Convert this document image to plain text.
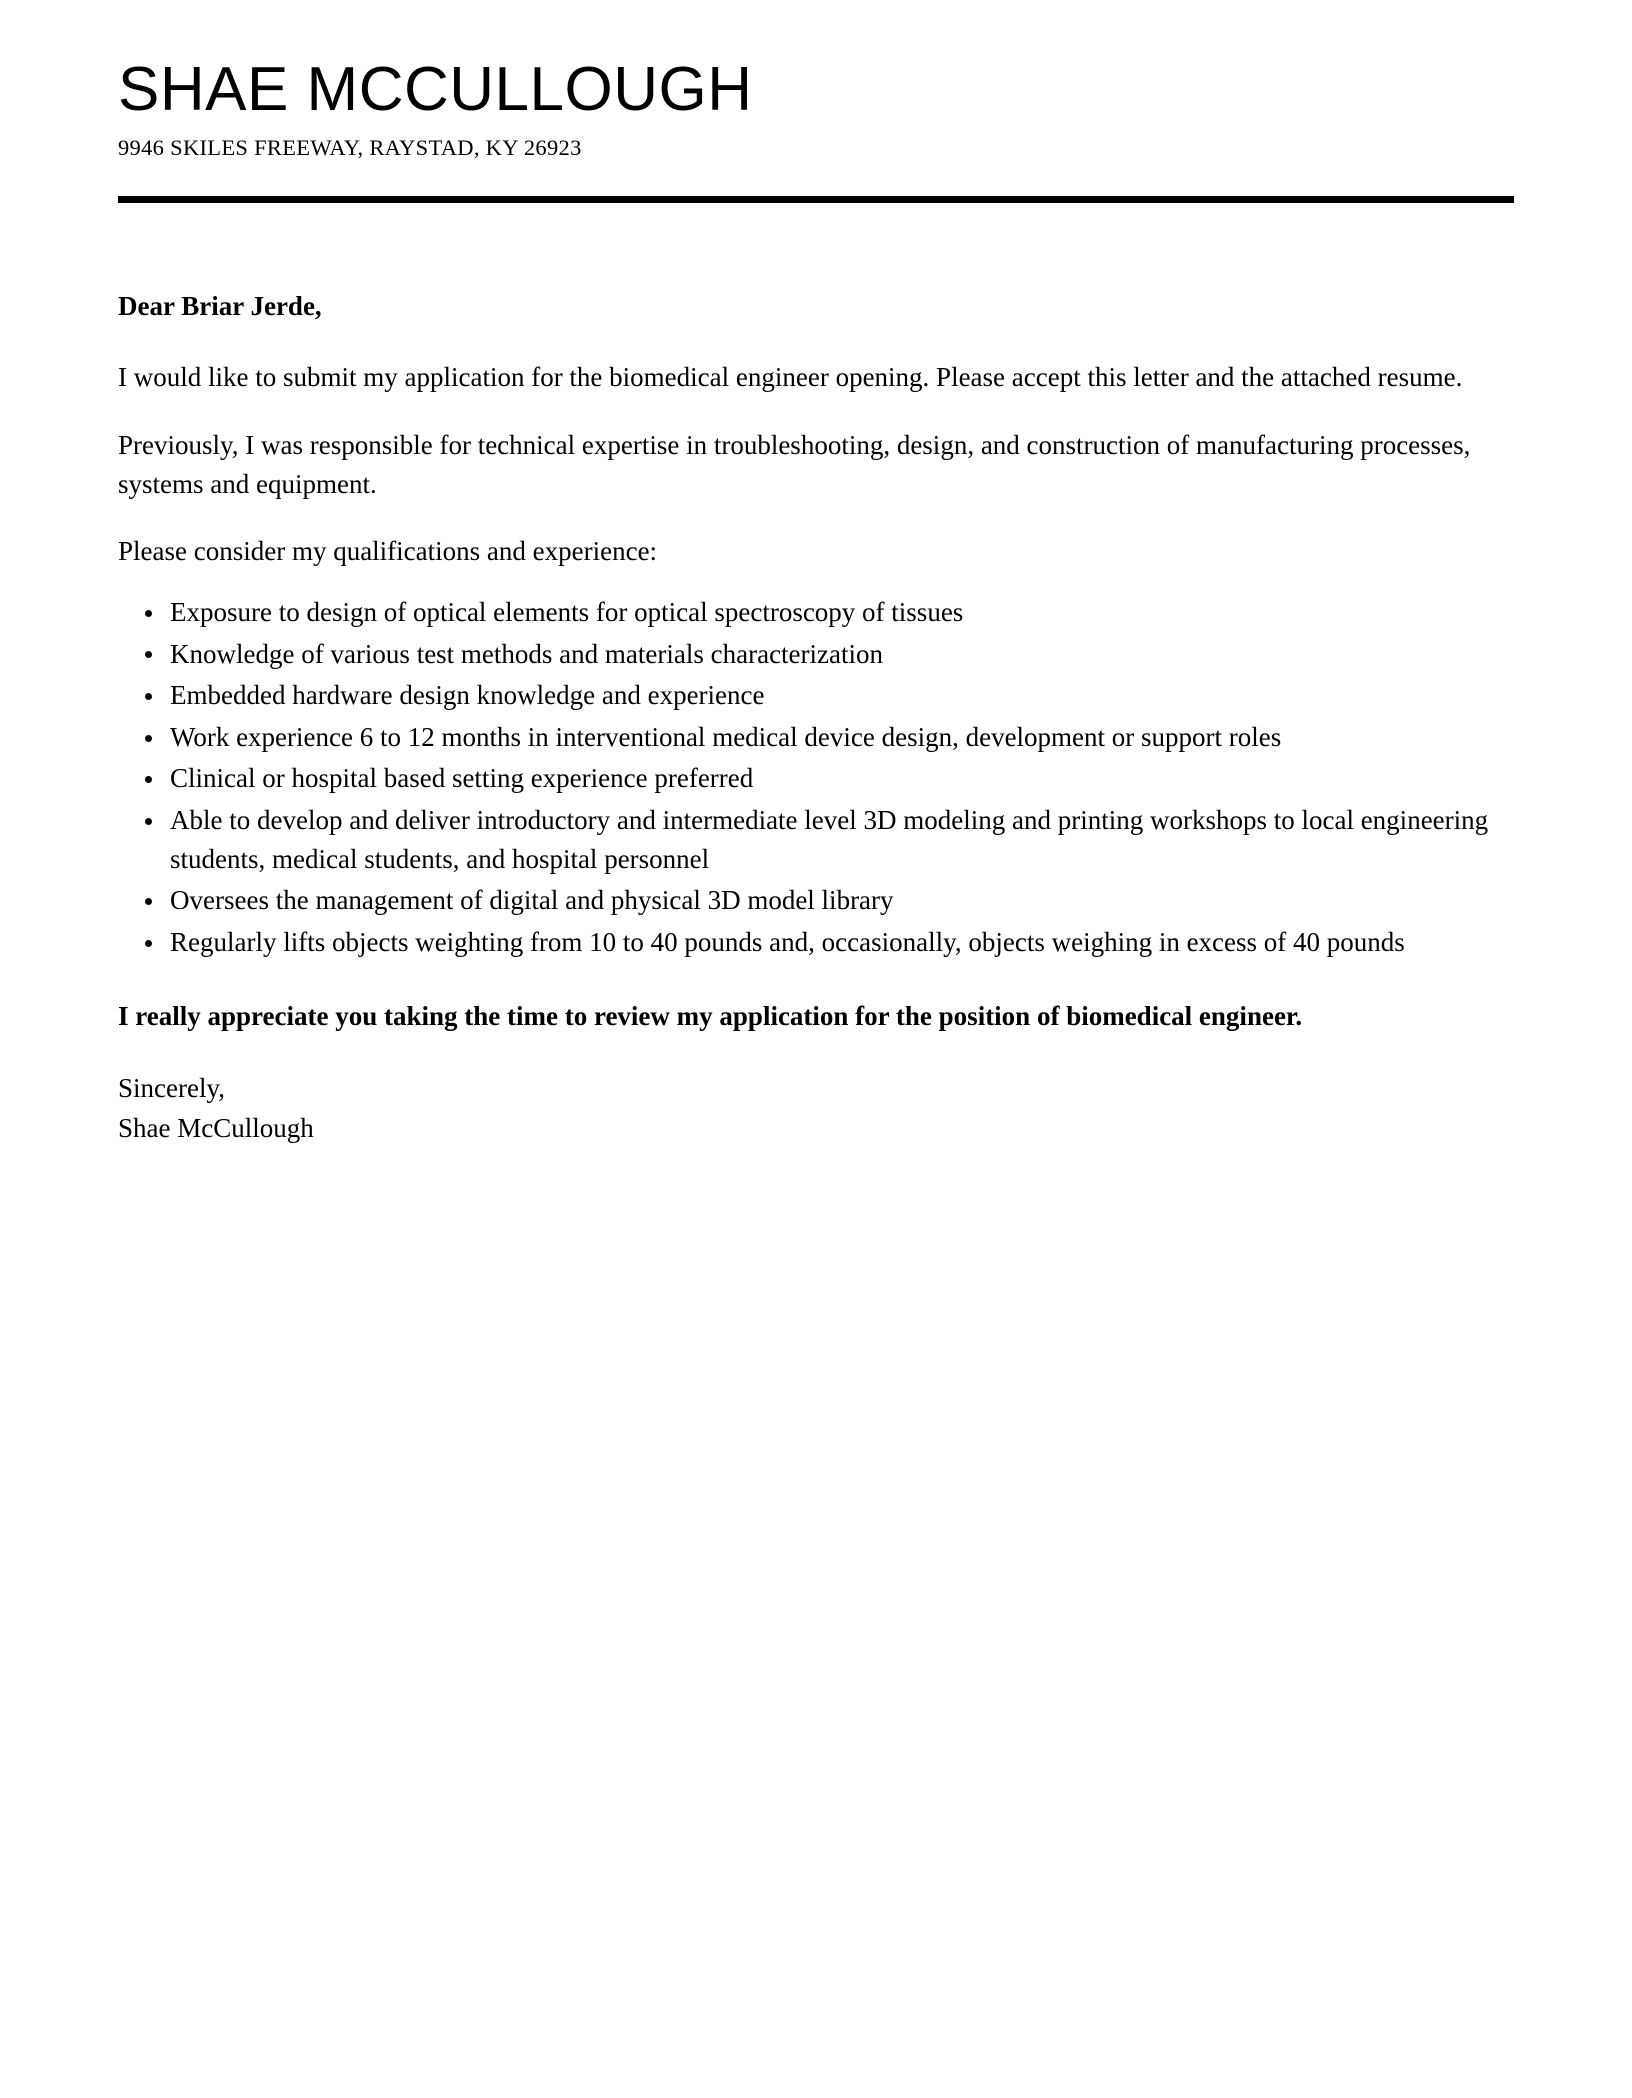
SHAE MCCULLOUGH
9946 SKILES FREEWAY, RAYSTAD, KY 26923

Dear Briar Jerde,

I would like to submit my application for the biomedical engineer opening. Please accept this letter and the attached resume.

Previously, I was responsible for technical expertise in troubleshooting, design, and construction of manufacturing processes, systems and equipment.

Please consider my qualifications and experience:

Exposure to design of optical elements for optical spectroscopy of tissues
Knowledge of various test methods and materials characterization
Embedded hardware design knowledge and experience
Work experience 6 to 12 months in interventional medical device design, development or support roles
Clinical or hospital based setting experience preferred
Able to develop and deliver introductory and intermediate level 3D modeling and printing workshops to local engineering students, medical students, and hospital personnel
Oversees the management of digital and physical 3D model library
Regularly lifts objects weighting from 10 to 40 pounds and, occasionally, objects weighing in excess of 40 pounds

I really appreciate you taking the time to review my application for the position of biomedical engineer.

Sincerely,
Shae McCullough
